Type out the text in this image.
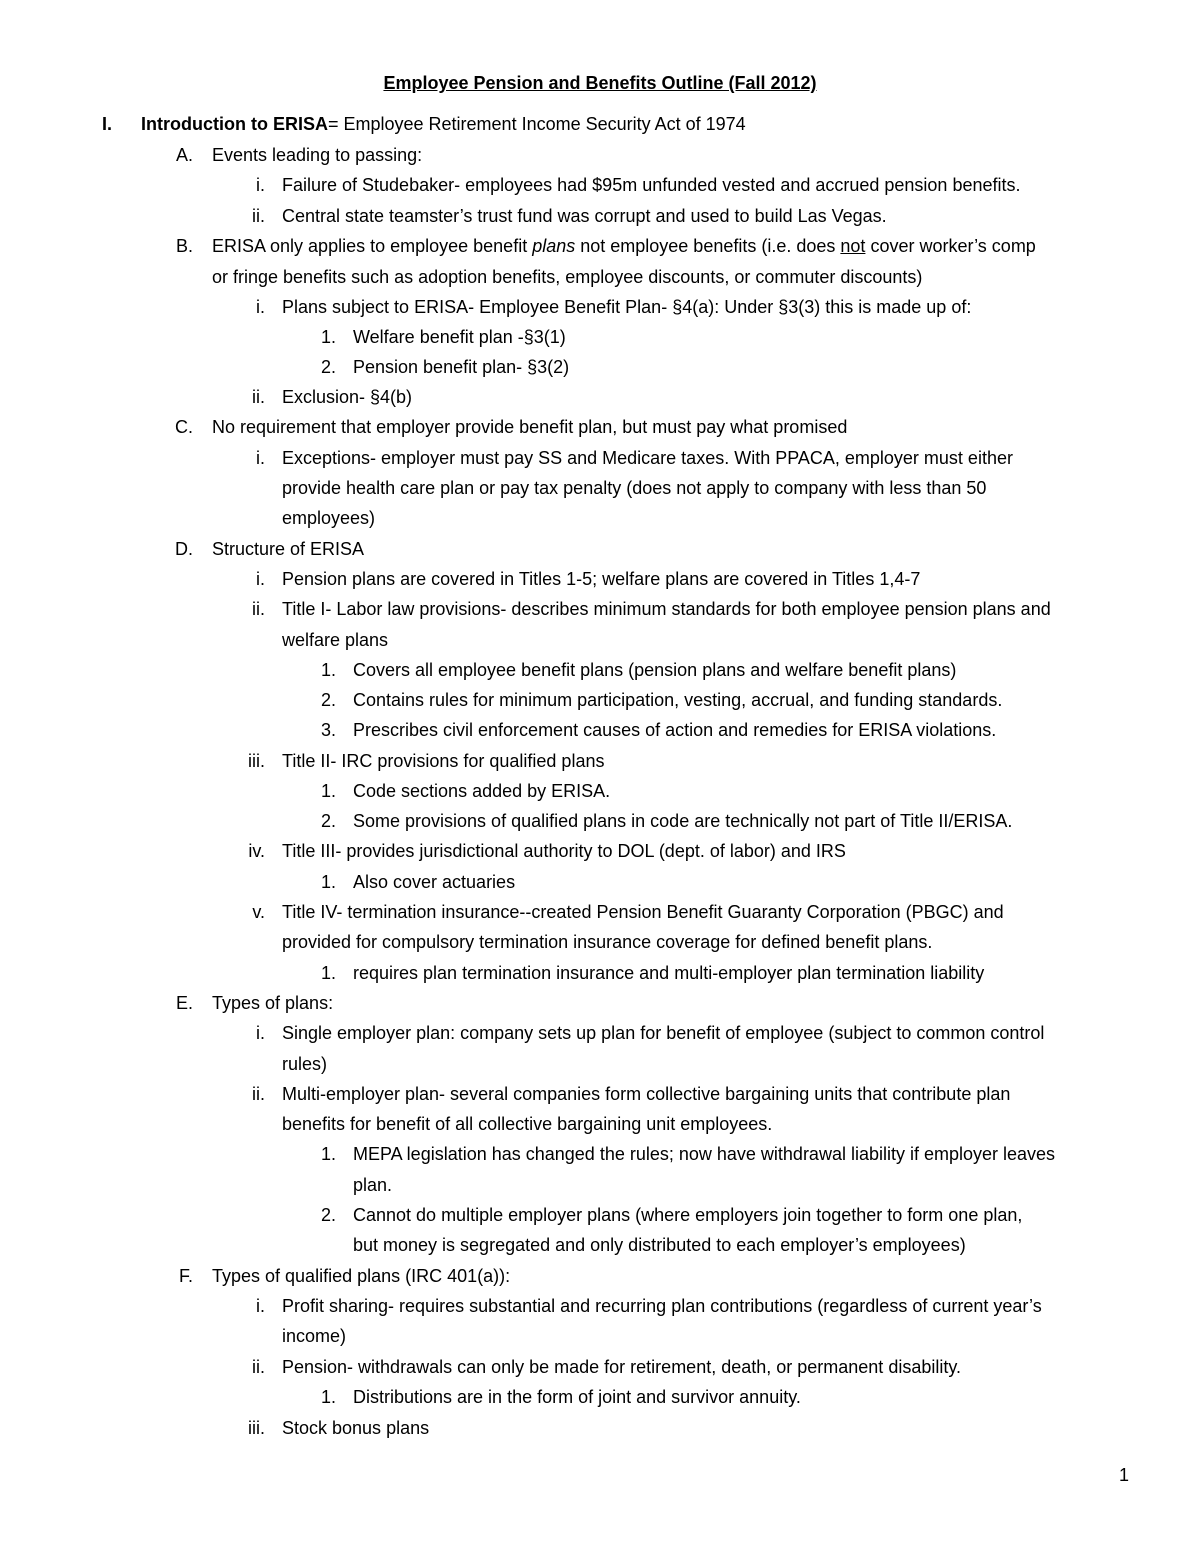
Employee Pension and Benefits Outline (Fall 2012)
I. Introduction to ERISA= Employee Retirement Income Security Act of 1974
A. Events leading to passing:
i. Failure of Studebaker- employees had $95m unfunded vested and accrued pension benefits.
ii. Central state teamster’s trust fund was corrupt and used to build Las Vegas.
B. ERISA only applies to employee benefit plans not employee benefits (i.e. does not cover worker’s comp
or fringe benefits such as adoption benefits, employee discounts, or commuter discounts)
i. Plans subject to ERISA- Employee Benefit Plan- §4(a): Under §3(3) this is made up of:
1. Welfare benefit plan -§3(1)
2. Pension benefit plan- §3(2)
ii. Exclusion- §4(b)
C. No requirement that employer provide benefit plan, but must pay what promised
i. Exceptions- employer must pay SS and Medicare taxes. With PPACA, employer must either
provide health care plan or pay tax penalty (does not apply to company with less than 50
employees)
D. Structure of ERISA
i. Pension plans are covered in Titles 1-5; welfare plans are covered in Titles 1,4-7
ii. Title I- Labor law provisions- describes minimum standards for both employee pension plans and
welfare plans
1. Covers all employee benefit plans (pension plans and welfare benefit plans)
2. Contains rules for minimum participation, vesting, accrual, and funding standards.
3. Prescribes civil enforcement causes of action and remedies for ERISA violations.
iii. Title II- IRC provisions for qualified plans
1. Code sections added by ERISA.
2. Some provisions of qualified plans in code are technically not part of Title II/ERISA.
iv. Title III- provides jurisdictional authority to DOL (dept. of labor) and IRS
1. Also cover actuaries
v. Title IV- termination insurance--created Pension Benefit Guaranty Corporation (PBGC) and
provided for compulsory termination insurance coverage for defined benefit plans.
1. requires plan termination insurance and multi-employer plan termination liability
E. Types of plans:
i. Single employer plan: company sets up plan for benefit of employee (subject to common control
rules)
ii. Multi-employer plan- several companies form collective bargaining units that contribute plan
benefits for benefit of all collective bargaining unit employees.
1. MEPA legislation has changed the rules; now have withdrawal liability if employer leaves
plan.
2. Cannot do multiple employer plans (where employers join together to form one plan,
but money is segregated and only distributed to each employer’s employees)
F. Types of qualified plans (IRC 401(a)):
i. Profit sharing- requires substantial and recurring plan contributions (regardless of current year’s
income)
ii. Pension- withdrawals can only be made for retirement, death, or permanent disability.
1. Distributions are in the form of joint and survivor annuity.
iii. Stock bonus plans
1
